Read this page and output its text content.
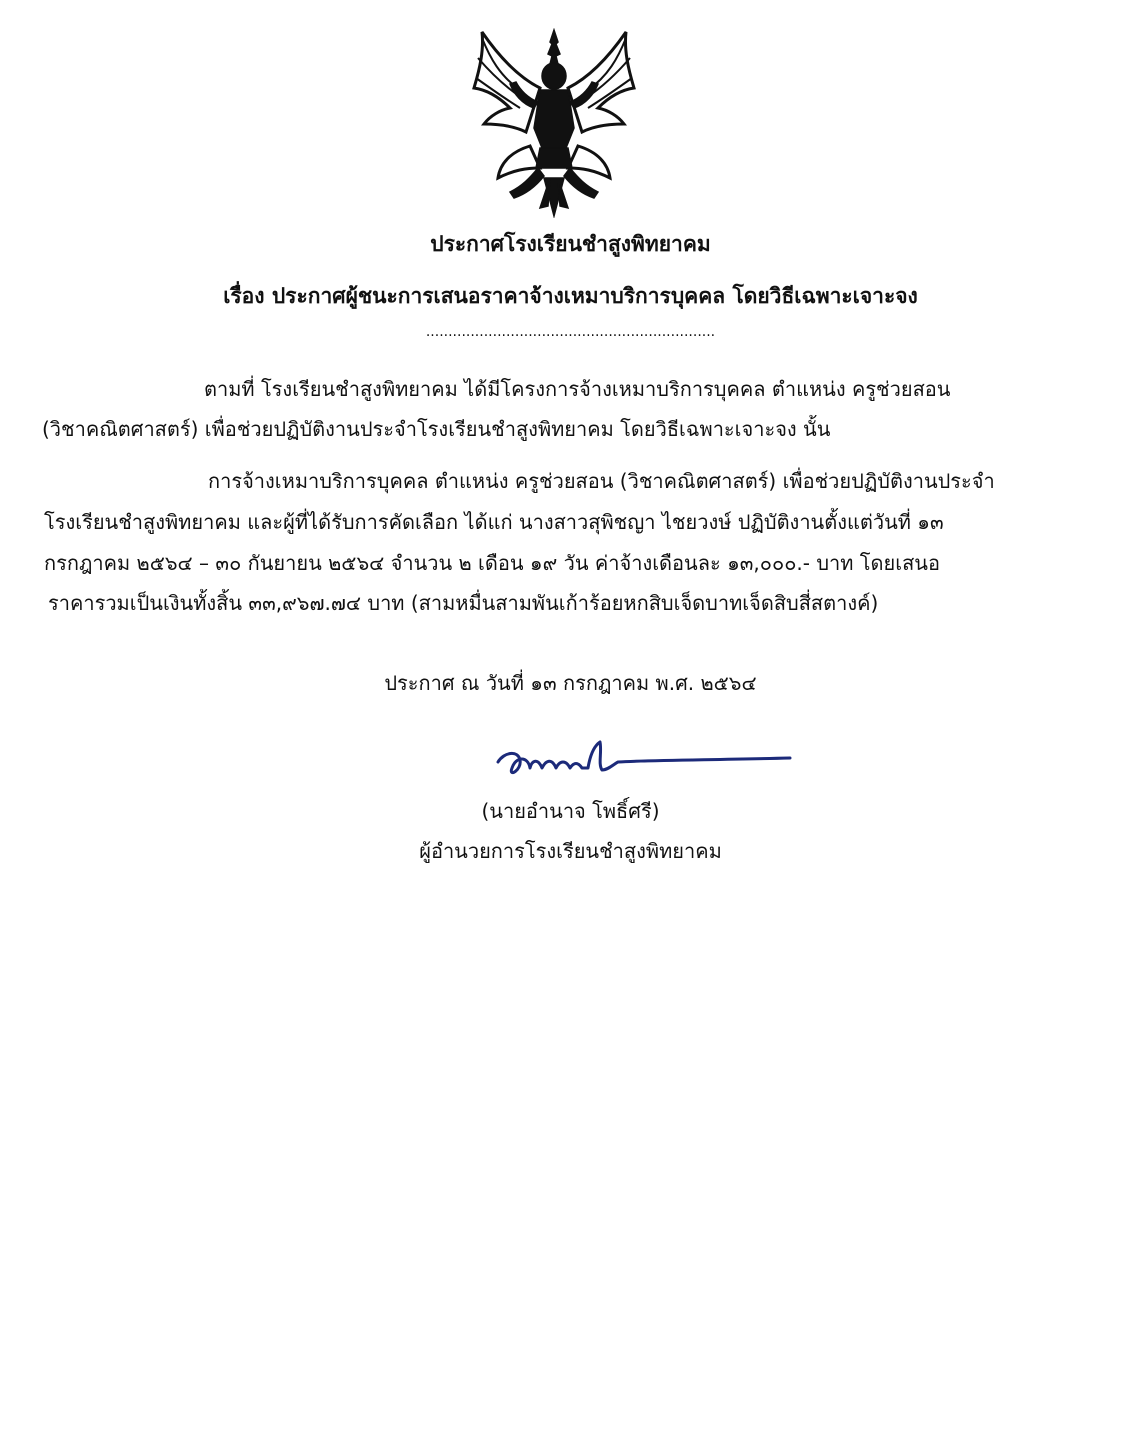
ประกาศโรงเรียนชำสูงพิทยาคม
เรื่อง ประกาศผู้ชนะการเสนอราคาจ้างเหมาบริการบุคคล โดยวิธีเฉพาะเจาะจง
.................................................................
ตามที่ โรงเรียนชำสูงพิทยาคม ได้มีโครงการจ้างเหมาบริการบุคคล ตำแหน่ง ครูช่วยสอน
(วิชาคณิตศาสตร์) เพื่อช่วยปฏิบัติงานประจำโรงเรียนชำสูงพิทยาคม โดยวิธีเฉพาะเจาะจง นั้น
การจ้างเหมาบริการบุคคล ตำแหน่ง ครูช่วยสอน (วิชาคณิตศาสตร์) เพื่อช่วยปฏิบัติงานประจำ
โรงเรียนชำสูงพิทยาคม และผู้ที่ได้รับการคัดเลือก ได้แก่ นางสาวสุพิชญา ไชยวงษ์ ปฏิบัติงานตั้งแต่วันที่ ๑๓
กรกฎาคม ๒๕๖๔ – ๓๐ กันยายน ๒๕๖๔ จำนวน ๒ เดือน ๑๙ วัน ค่าจ้างเดือนละ ๑๓,๐๐๐.- บาท โดยเสนอ
ราคารวมเป็นเงินทั้งสิ้น ๓๓,๙๖๗.๗๔ บาท (สามหมื่นสามพันเก้าร้อยหกสิบเจ็ดบาทเจ็ดสิบสี่สตางค์)
ประกาศ ณ วันที่ ๑๓ กรกฎาคม พ.ศ. ๒๕๖๔
(นายอำนาจ โพธิ์ศรี)
ผู้อำนวยการโรงเรียนชำสูงพิทยาคม
